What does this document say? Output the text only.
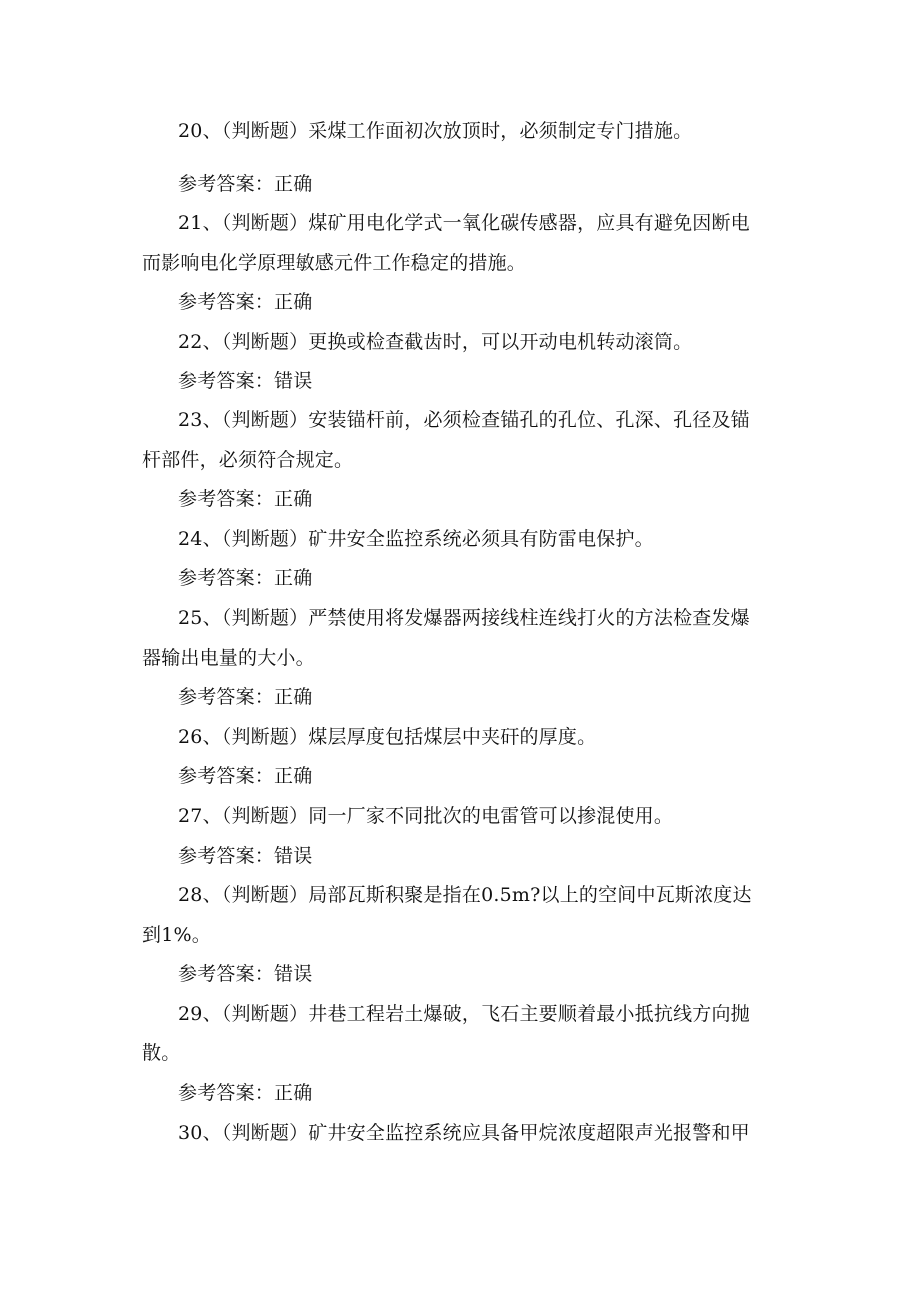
20、（判断题）采煤工作面初次放顶时，必须制定专门措施。
参考答案：正确
21、（判断题）煤矿用电化学式一氧化碳传感器，应具有避免因断电
而影响电化学原理敏感元件工作稳定的措施。
参考答案：正确
22、（判断题）更换或检查截齿时，可以开动电机转动滚筒。
参考答案：错误
23、（判断题）安装锚杆前，必须检查锚孔的孔位、孔深、孔径及锚
杆部件，必须符合规定。
参考答案：正确
24、（判断题）矿井安全监控系统必须具有防雷电保护。
参考答案：正确
25、（判断题）严禁使用将发爆器两接线柱连线打火的方法检查发爆
器输出电量的大小。
参考答案：正确
26、（判断题）煤层厚度包括煤层中夹矸的厚度。
参考答案：正确
27、（判断题）同一厂家不同批次的电雷管可以掺混使用。
参考答案：错误
28、（判断题）局部瓦斯积聚是指在0.5m?以上的空间中瓦斯浓度达
到1%。
参考答案：错误
29、（判断题）井巷工程岩土爆破，飞石主要顺着最小抵抗线方向抛
散。
参考答案：正确
30、（判断题）矿井安全监控系统应具备甲烷浓度超限声光报警和甲
